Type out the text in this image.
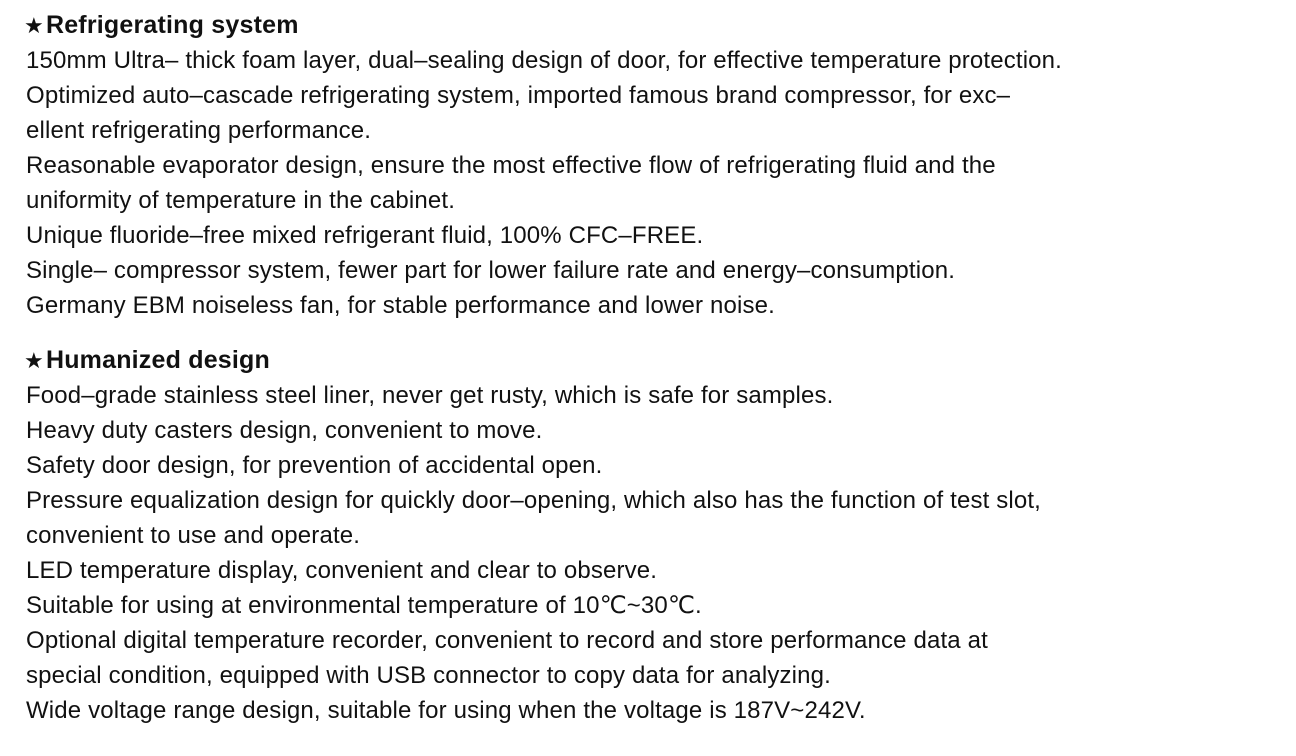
★Refrigerating system
150mm Ultra– thick foam layer, dual–sealing design of door, for effective temperature protection.
Optimized auto–cascade refrigerating system, imported famous brand compressor, for exc–
ellent refrigerating performance.
Reasonable evaporator design, ensure the most effective flow of refrigerating fluid and the
uniformity of temperature in the cabinet.
Unique fluoride–free mixed refrigerant fluid, 100% CFC–FREE.
Single– compressor system, fewer part for lower failure rate and energy–consumption.
Germany EBM noiseless fan, for stable performance and lower noise.
★Humanized design
Food–grade stainless steel liner, never get rusty, which is safe for samples.
Heavy duty casters design, convenient to move.
Safety door design, for prevention of accidental open.
Pressure equalization design for quickly door–opening, which also has the function of test slot,
convenient to use and operate.
LED temperature display, convenient and clear to observe.
Suitable for using at environmental temperature of 10℃~30℃.
Optional digital temperature recorder, convenient to record and store performance data at
special condition, equipped with USB connector to copy data for analyzing.
Wide voltage range design, suitable for using when the voltage is 187V~242V.
